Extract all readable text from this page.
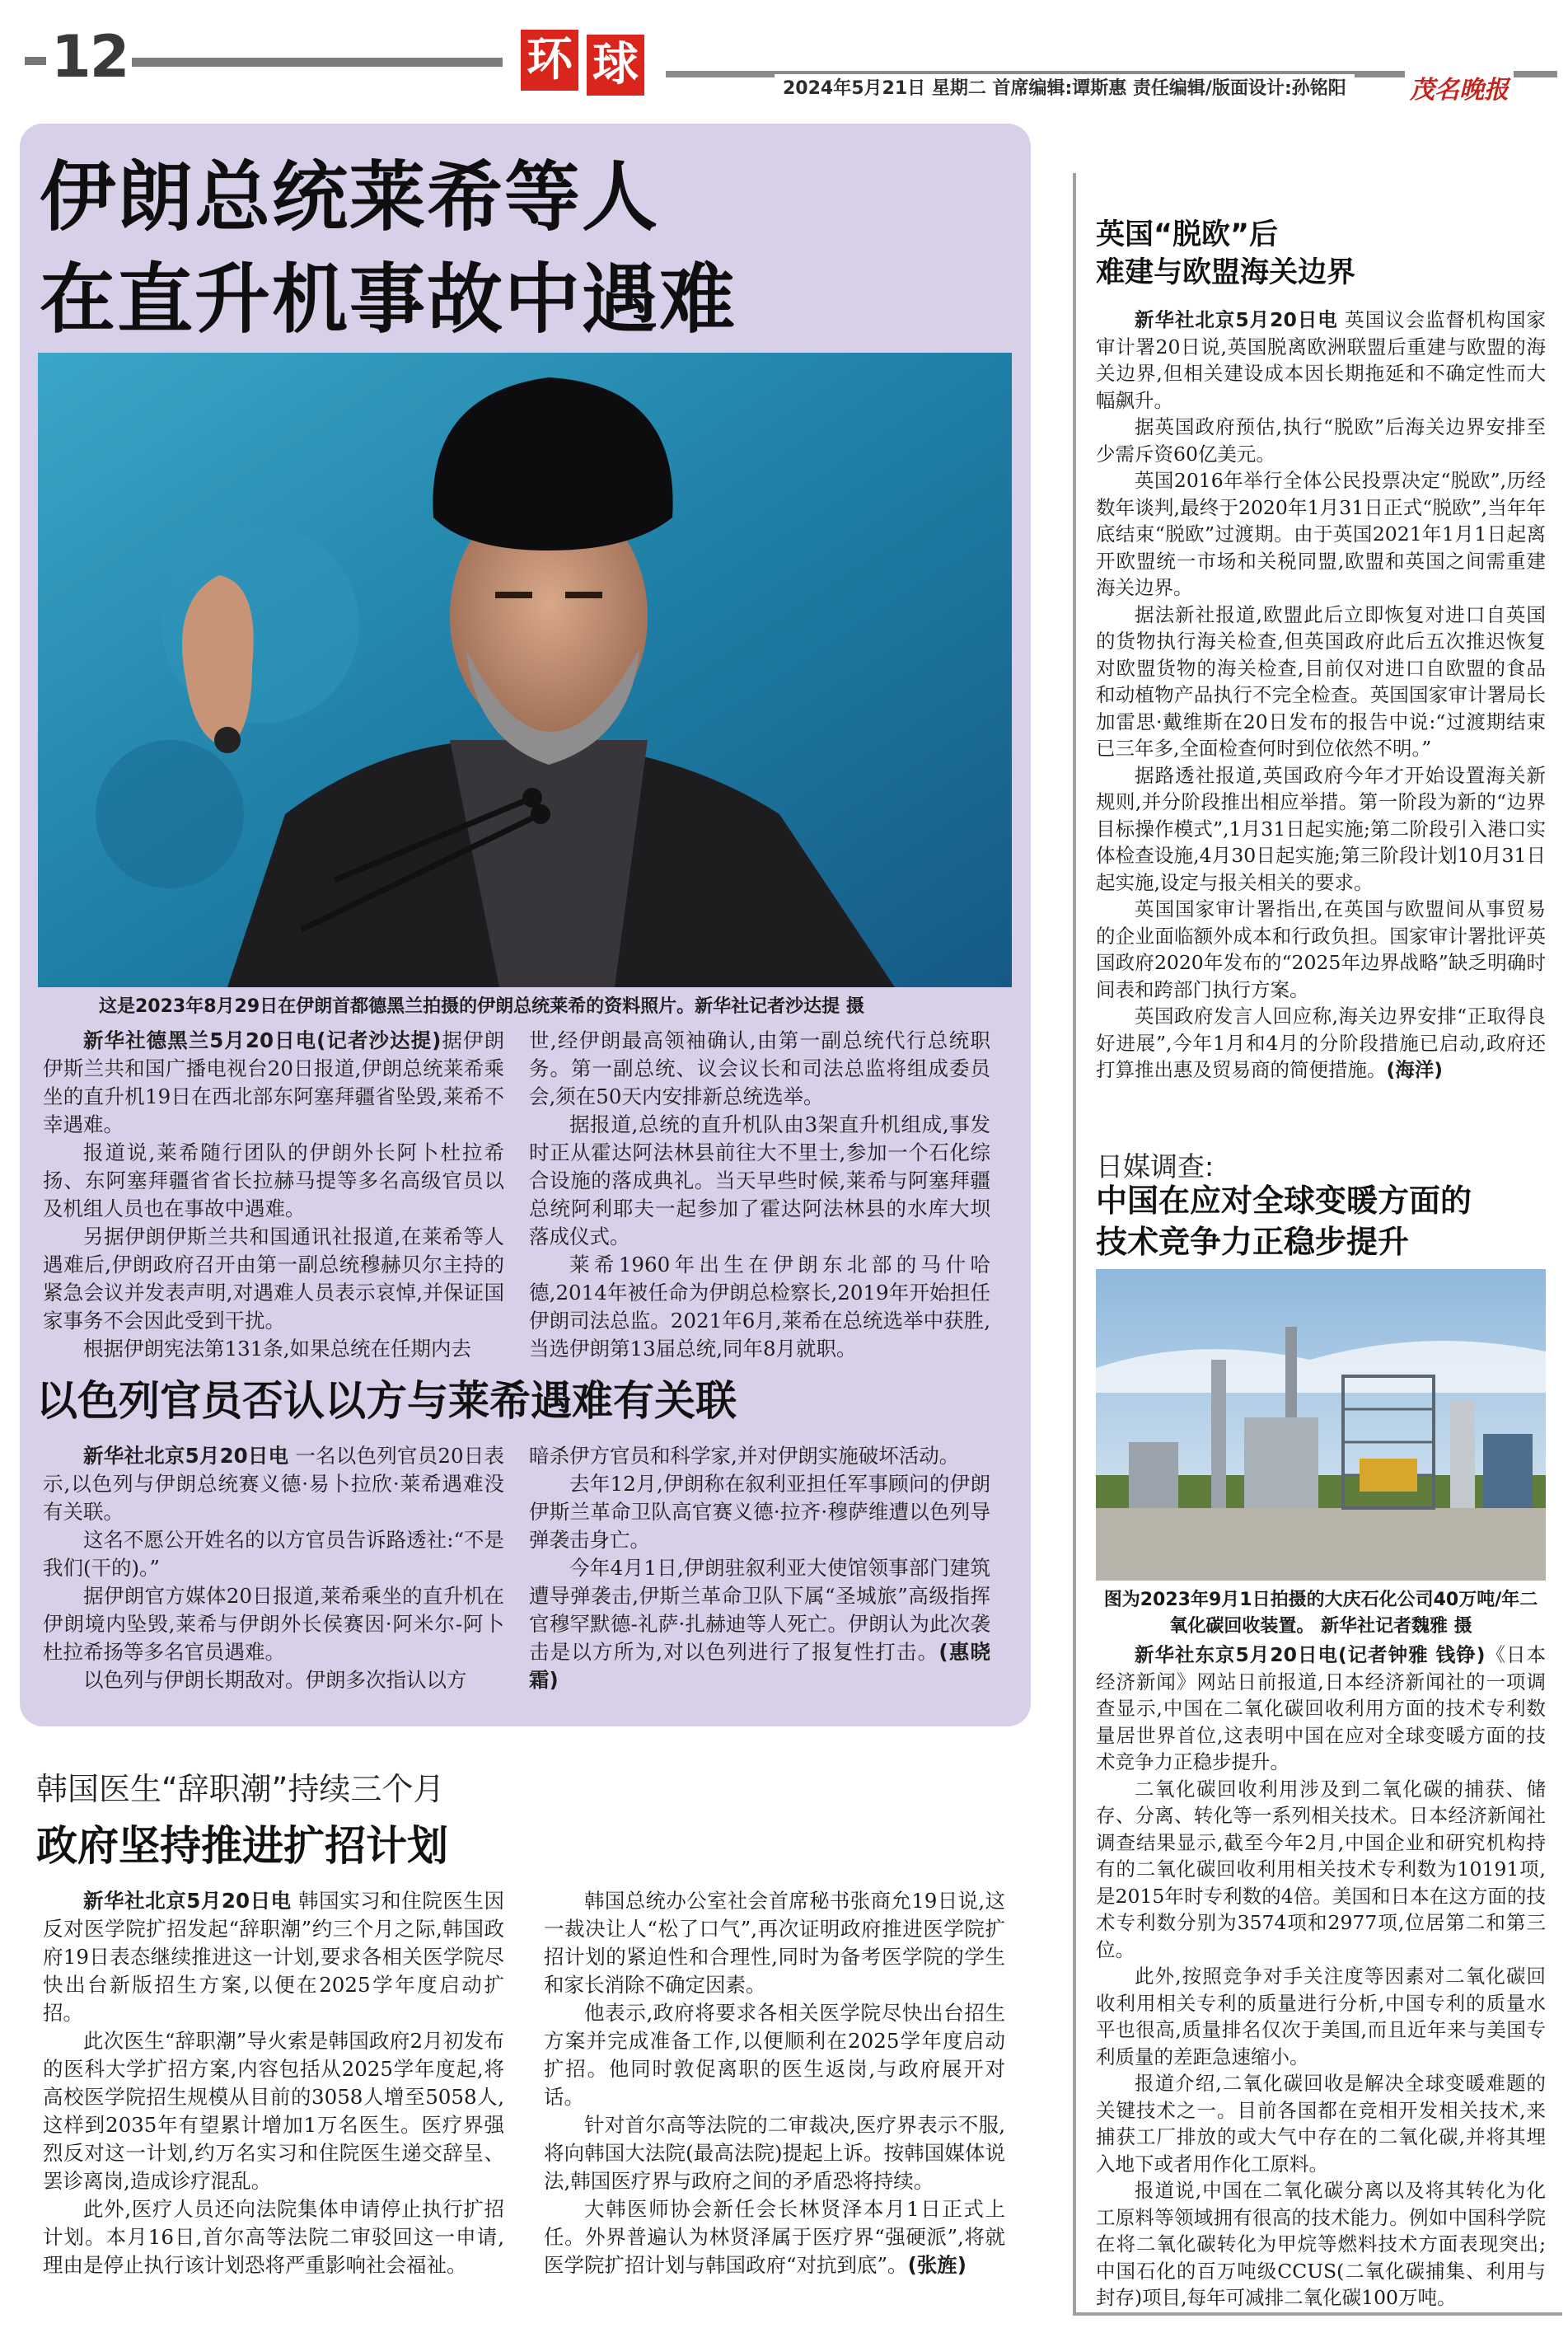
12	环 球	2024年5月21日 星期二 首席编辑:谭斯惠 责任编辑/版面设计:孙铭阳	茂名晚报
伊朗总统莱希等人
在直升机事故中遇难
这是2023年8月29日在伊朗首都德黑兰拍摄的伊朗总统莱希的资料照片。新华社记者沙达提 摄

新华社德黑兰5月20日电(记者沙达提)据伊朗伊斯兰共和国广播电视台20日报道,伊朗总统莱希乘坐的直升机19日在西北部东阿塞拜疆省坠毁,莱希不幸遇难。

报道说,莱希随行团队的伊朗外长阿卜杜拉希扬、东阿塞拜疆省省长拉赫马提等多名高级官员以及机组人员也在事故中遇难。

另据伊朗伊斯兰共和国通讯社报道,在莱希等人遇难后,伊朗政府召开由第一副总统穆赫贝尔主持的紧急会议并发表声明,对遇难人员表示哀悼,并保证国家事务不会因此受到干扰。

根据伊朗宪法第131条,如果总统在任期内去

世,经伊朗最高领袖确认,由第一副总统代行总统职务。第一副总统、议会议长和司法总监将组成委员会,须在50天内安排新总统选举。

据报道,总统的直升机队由3架直升机组成,事发时正从霍达阿法林县前往大不里士,参加一个石化综合设施的落成典礼。当天早些时候,莱希与阿塞拜疆总统阿利耶夫一起参加了霍达阿法林县的水库大坝落成仪式。

莱希1960年出生在伊朗东北部的马什哈德,2014年被任命为伊朗总检察长,2019年开始担任伊朗司法总监。2021年6月,莱希在总统选举中获胜,当选伊朗第13届总统,同年8月就职。

以色列官员否认以方与莱希遇难有关联

新华社北京5月20日电 一名以色列官员20日表示,以色列与伊朗总统赛义德·易卜拉欣·莱希遇难没有关联。

这名不愿公开姓名的以方官员告诉路透社:“不是我们(干的)。”

据伊朗官方媒体20日报道,莱希乘坐的直升机在伊朗境内坠毁,莱希与伊朗外长侯赛因·阿米尔-阿卜杜拉希扬等多名官员遇难。

以色列与伊朗长期敌对。伊朗多次指认以方

暗杀伊方官员和科学家,并对伊朗实施破坏活动。

去年12月,伊朗称在叙利亚担任军事顾问的伊朗伊斯兰革命卫队高官赛义德·拉齐·穆萨维遭以色列导弹袭击身亡。

今年4月1日,伊朗驻叙利亚大使馆领事部门建筑遭导弹袭击,伊斯兰革命卫队下属“圣城旅”高级指挥官穆罕默德-礼萨·扎赫迪等人死亡。伊朗认为此次袭击是以方所为,对以色列进行了报复性打击。(惠晓霜)

韩国医生“辞职潮”持续三个月
政府坚持推进扩招计划

新华社北京5月20日电 韩国实习和住院医生因反对医学院扩招发起“辞职潮”约三个月之际,韩国政府19日表态继续推进这一计划,要求各相关医学院尽快出台新版招生方案,以便在2025学年度启动扩招。

此次医生“辞职潮”导火索是韩国政府2月初发布的医科大学扩招方案,内容包括从2025学年度起,将高校医学院招生规模从目前的3058人增至5058人,这样到2035年有望累计增加1万名医生。医疗界强烈反对这一计划,约万名实习和住院医生递交辞呈、罢诊离岗,造成诊疗混乱。

此外,医疗人员还向法院集体申请停止执行扩招计划。本月16日,首尔高等法院二审驳回这一申请,理由是停止执行该计划恐将严重影响社会福祉。

韩国总统办公室社会首席秘书张商允19日说,这一裁决让人“松了口气”,再次证明政府推进医学院扩招计划的紧迫性和合理性,同时为备考医学院的学生和家长消除不确定因素。

他表示,政府将要求各相关医学院尽快出台招生方案并完成准备工作,以便顺利在2025学年度启动扩招。他同时敦促离职的医生返岗,与政府展开对话。

针对首尔高等法院的二审裁决,医疗界表示不服,将向韩国大法院(最高法院)提起上诉。按韩国媒体说法,韩国医疗界与政府之间的矛盾恐将持续。

大韩医师协会新任会长林贤泽本月1日正式上任。外界普遍认为林贤泽属于医疗界“强硬派”,将就医学院扩招计划与韩国政府“对抗到底”。(张旌)

英国“脱欧”后
难建与欧盟海关边界

新华社北京5月20日电 英国议会监督机构国家审计署20日说,英国脱离欧洲联盟后重建与欧盟的海关边界,但相关建设成本因长期拖延和不确定性而大幅飙升。

据英国政府预估,执行“脱欧”后海关边界安排至少需斥资60亿美元。

英国2016年举行全体公民投票决定“脱欧”,历经数年谈判,最终于2020年1月31日正式“脱欧”,当年年底结束“脱欧”过渡期。由于英国2021年1月1日起离开欧盟统一市场和关税同盟,欧盟和英国之间需重建海关边界。

据法新社报道,欧盟此后立即恢复对进口自英国的货物执行海关检查,但英国政府此后五次推迟恢复对欧盟货物的海关检查,目前仅对进口自欧盟的食品和动植物产品执行不完全检查。英国国家审计署局长加雷思·戴维斯在20日发布的报告中说:“过渡期结束已三年多,全面检查何时到位依然不明。”

据路透社报道,英国政府今年才开始设置海关新规则,并分阶段推出相应举措。第一阶段为新的“边界目标操作模式”,1月31日起实施;第二阶段引入港口实体检查设施,4月30日起实施;第三阶段计划10月31日起实施,设定与报关相关的要求。

英国国家审计署指出,在英国与欧盟间从事贸易的企业面临额外成本和行政负担。国家审计署批评英国政府2020年发布的“2025年边界战略”缺乏明确时间表和跨部门执行方案。

英国政府发言人回应称,海关边界安排“正取得良好进展”,今年1月和4月的分阶段措施已启动,政府还打算推出惠及贸易商的简便措施。(海洋)

日媒调查:
中国在应对全球变暖方面的
技术竞争力正稳步提升
图为2023年9月1日拍摄的大庆石化公司40万吨/年二氧化碳回收装置。 新华社记者魏雅 摄

新华社东京5月20日电(记者钟雅 钱铮)《日本经济新闻》网站日前报道,日本经济新闻社的一项调查显示,中国在二氧化碳回收利用方面的技术专利数量居世界首位,这表明中国在应对全球变暖方面的技术竞争力正稳步提升。

二氧化碳回收利用涉及到二氧化碳的捕获、储存、分离、转化等一系列相关技术。日本经济新闻社调查结果显示,截至今年2月,中国企业和研究机构持有的二氧化碳回收利用相关技术专利数为10191项,是2015年时专利数的4倍。美国和日本在这方面的技术专利数分别为3574项和2977项,位居第二和第三位。

此外,按照竞争对手关注度等因素对二氧化碳回收利用相关专利的质量进行分析,中国专利的质量水平也很高,质量排名仅次于美国,而且近年来与美国专利质量的差距急速缩小。

报道介绍,二氧化碳回收是解决全球变暖难题的关键技术之一。目前各国都在竞相开发相关技术,来捕获工厂排放的或大气中存在的二氧化碳,并将其埋入地下或者用作化工原料。

报道说,中国在二氧化碳分离以及将其转化为化工原料等领域拥有很高的技术能力。例如中国科学院在将二氧化碳转化为甲烷等燃料技术方面表现突出;中国石化的百万吨级CCUS(二氧化碳捕集、利用与封存)项目,每年可减排二氧化碳100万吨。
